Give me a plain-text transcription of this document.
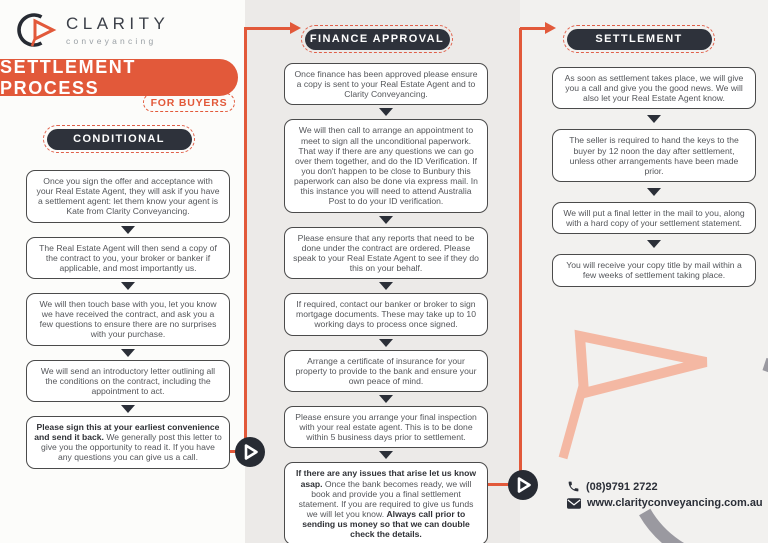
CLARITY
conveyancing
SETTLEMENT PROCESS
FOR BUYERS
CONDITIONAL
FINANCE APPROVAL	SETTLEMENT
Once you sign the offer and acceptance with your Real Estate Agent, they will ask if you have a settlement agent: let them know your agent is Kate from Clarity Conveyancing.
The Real Estate Agent will then send a copy of the contract to you, your broker or banker if applicable, and most importantly us.
We will then touch base with you, let you know we have received the contract, and ask you a few questions to ensure there are no surprises with your purchase.
We will send an introductory letter outlining all the conditions on the contract, including the appointment to act.
Please sign this at your earliest convenience and send it back. We generally post this letter to give you the opportunity to read it. If you have any questions you can give us a call.
Once finance has been approved please ensure a copy is sent to your Real Estate Agent and to Clarity Conveyancing.
We will then call to arrange an appointment to meet to sign all the unconditional paperwork. That way if there are any questions we can go over them together, and do the ID Verification. If you don't happen to be close to Bunbury this paperwork can also be done via express mail. In this instance you will need to attend Australia Post to do your ID verification.
Please ensure that any reports that need to be done under the contract are ordered. Please speak to your Real Estate Agent to see if they do this on your behalf.
If required, contact our banker or broker to sign mortgage documents. These may take up to 10 working days to process once signed.
Arrange a certificate of insurance for your property to provide to the bank and ensure your own peace of mind.
Please ensure you arrange your final inspection with your real estate agent. This is to be done within 5 business days prior to settlement.
If there are any issues that arise let us know asap. Once the bank becomes ready, we will book and provide you a final settlement statement. If you are required to give us funds we will let you know. Always call prior to sending us money so that we can double check the details.
As soon as settlement takes place, we will give you a call and give you the good news. We will also let your Real Estate Agent know.
The seller is required to hand the keys to the buyer by 12 noon the day after settlement, unless other arrangements have been made prior.
We will put a final letter in the mail to you, along with a hard copy of your settlement statement.
You will receive your copy title by mail within a few weeks of settlement taking place.
(08)9791 2722
www.clarityconveyancing.com.au
